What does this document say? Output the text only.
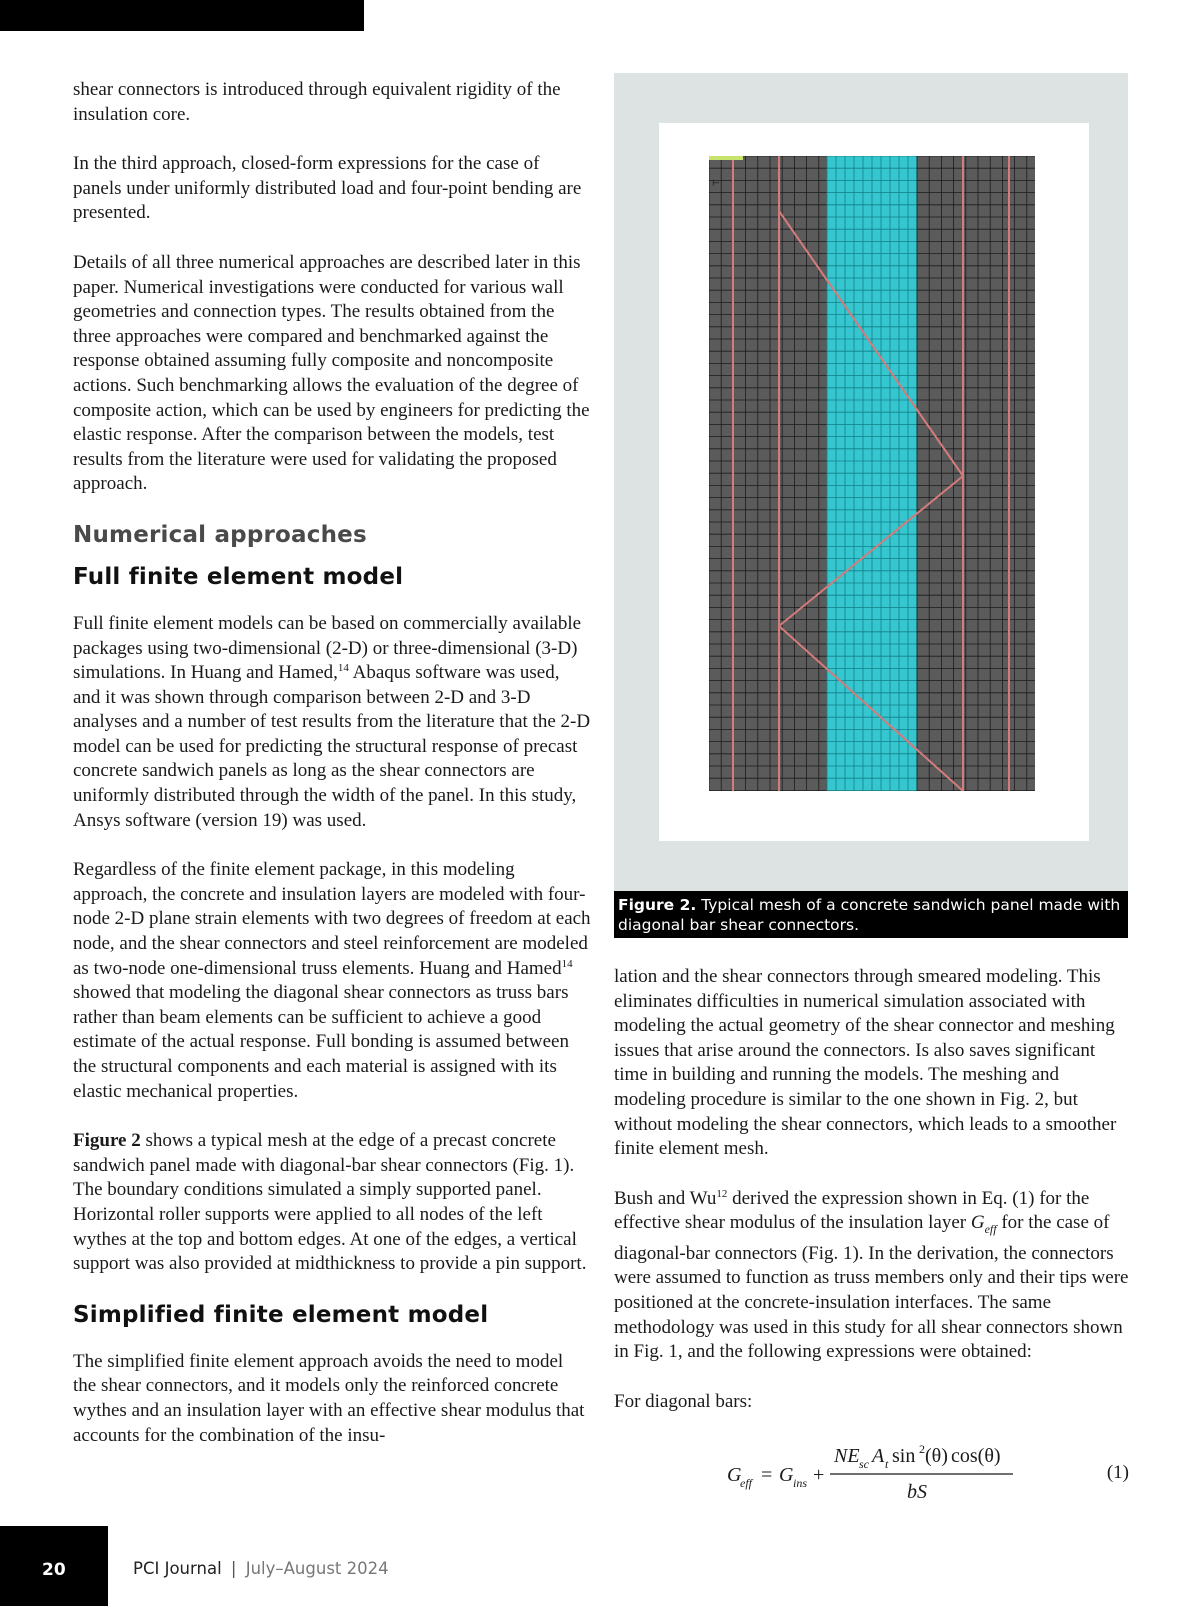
shear connectors is introduced through equivalent rigidity of the insulation core.

In the third approach, closed-form expressions for the case of panels under uniformly distributed load and four-point bending are presented.

Details of all three numerical approaches are described later in this paper. Numerical investigations were conducted for various wall geometries and connection types. The results obtained from the three approaches were compared and benchmarked against the response obtained assuming fully composite and noncomposite actions. Such benchmarking allows the evaluation of the degree of composite action, which can be used by engineers for predicting the elastic response. After the comparison between the models, test results from the literature were used for validating the proposed approach.

Numerical approaches
Full finite element model

Full finite element models can be based on commercially available packages using two-dimensional (2-D) or three-dimensional (3-D) simulations. In Huang and Hamed,$^{14}$ Abaqus software was used, and it was shown through comparison between 2-D and 3-D analyses and a number of test results from the literature that the 2-D model can be used for predicting the structural response of precast concrete sandwich panels as long as the shear connectors are uniformly distributed through the width of the panel. In this study, Ansys software (version 19) was used.

Regardless of the finite element package, in this modeling approach, the concrete and insulation layers are modeled with four-node 2-D plane strain elements with two degrees of freedom at each node, and the shear connectors and steel reinforcement are modeled as two-node one-dimensional truss elements. Huang and Hamed$^{14}$ showed that modeling the diagonal shear connectors as truss bars rather than beam elements can be sufficient to achieve a good estimate of the actual response. Full bonding is assumed between the structural components and each material is assigned with its elastic mechanical properties.

Figure 2 shows a typical mesh at the edge of a precast concrete sandwich panel made with diagonal-bar shear connectors (Fig. 1). The boundary conditions simulated a simply supported panel. Horizontal roller supports were applied to all nodes of the left wythes at the top and bottom edges. At one of the edges, a vertical support was also provided at midthickness to provide a pin support.

Simplified finite element model

The simplified finite element approach avoids the need to model the shear connectors, and it models only the reinforced concrete wythes and an insulation layer with an effective shear modulus that accounts for the combination of the insu-

⊢
Figure 2. Typical mesh of a concrete sandwich panel made with diagonal bar shear connectors.

lation and the shear connectors through smeared modeling. This eliminates difficulties in numerical simulation associated with modeling the actual geometry of the shear connector and meshing issues that arise around the connectors. Is also saves significant time in building and running the models. The meshing and modeling procedure is similar to the one shown in Fig. 2, but without modeling the shear connectors, which leads to a smoother finite element mesh.

Bush and Wu$^{12}$ derived the expression shown in Eq. (1) for the effective shear modulus of the insulation layer $G_{eff}$ for the case of diagonal-bar connectors (Fig. 1). In the derivation, the connectors were assumed to function as truss members only and their tips were positioned at the concrete-insulation interfaces. The same methodology was used in this study for all shear connectors shown in Fig. 1, and the following expressions were obtained:

For diagonal bars:

G
eff = G ins +
NE sc A t sin 2 (θ) cos(θ)
bS
(1)
20	PCI Journal | July–August 2024
